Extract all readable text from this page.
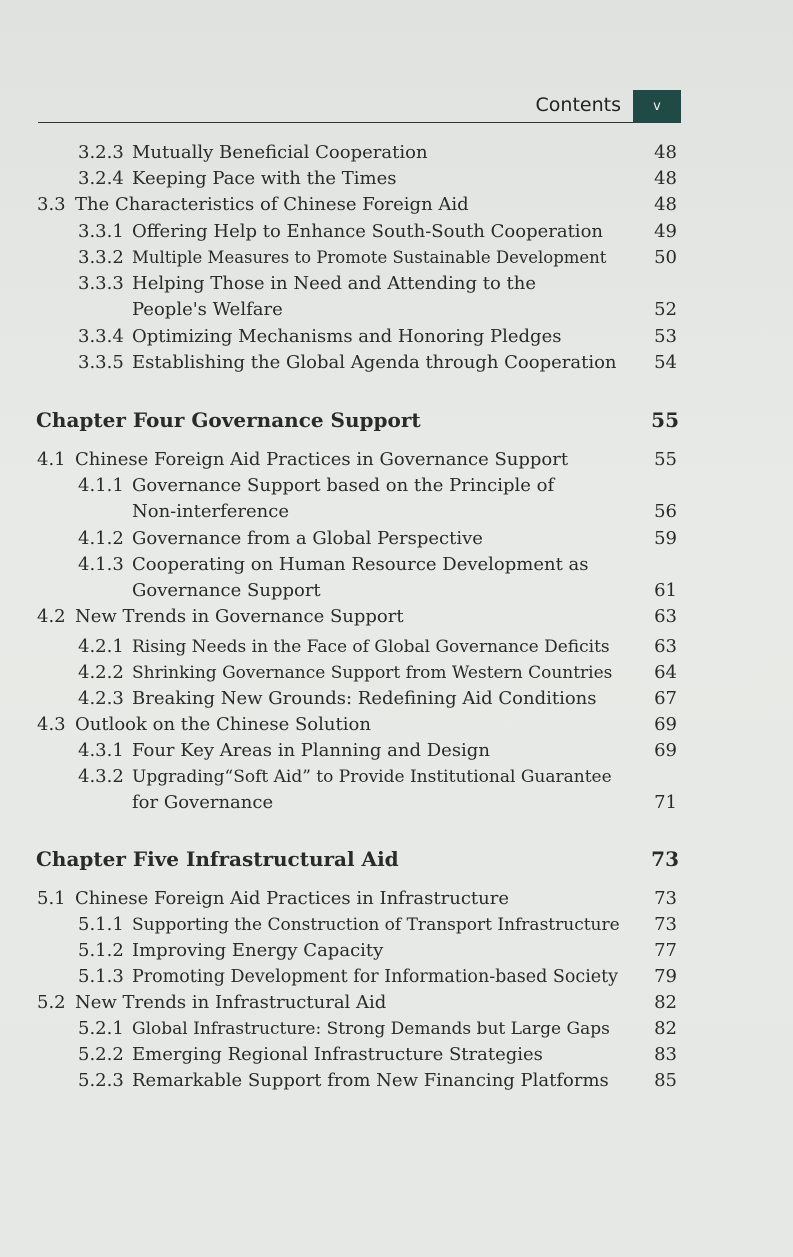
Contents	v
3.2.3 Mutually Beneficial Cooperation	48
3.2.4 Keeping Pace with the Times	48
3.3 The Characteristics of Chinese Foreign Aid	48
3.3.1 Offering Help to Enhance South-South Cooperation	49
3.3.2 Multiple Measures to Promote Sustainable Development	50
3.3.3 Helping Those in Need and Attending to the
People's Welfare	52
3.3.4 Optimizing Mechanisms and Honoring Pledges	53
3.3.5 Establishing the Global Agenda through Cooperation 54
Chapter Four Governance Support	55
4.1 Chinese Foreign Aid Practices in Governance Support	55
4.1.1 Governance Support based on the Principle of
Non-interference	56
4.1.2 Governance from a Global Perspective	59
4.1.3 Cooperating on Human Resource Development as
Governance Support	61
4.2 New Trends in Governance Support	63
4.2.1 Rising Needs in the Face of Global Governance Deficits 63
4.2.2 Shrinking Governance Support from Western Countries 64
4.2.3 Breaking New Grounds: Redefining Aid Conditions	67
4.3 Outlook on the Chinese Solution	69
4.3.1 Four Key Areas in Planning and Design	69
4.3.2 Upgrading“Soft Aid” to Provide Institutional Guarantee
for Governance	71
Chapter Five Infrastructural Aid	73
5.1 Chinese Foreign Aid Practices in Infrastructure	73
5.1.1 Supporting the Construction of Transport Infrastructure 73
5.1.2 Improving Energy Capacity	77
5.1.3 Promoting Development for Information-based Society 79
5.2 New Trends in Infrastructural Aid	82
5.2.1 Global Infrastructure: Strong Demands but Large Gaps 82
5.2.2 Emerging Regional Infrastructure Strategies	83
5.2.3 Remarkable Support from New Financing Platforms	85
